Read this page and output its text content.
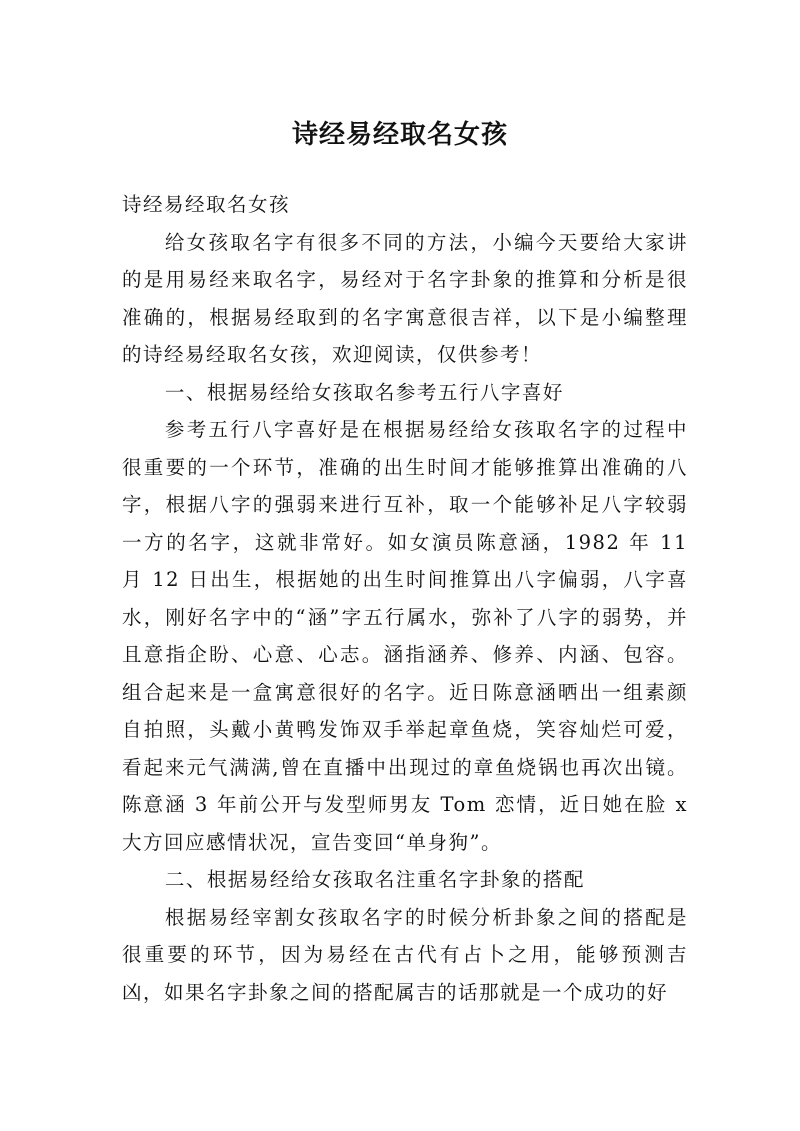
诗经易经取名女孩

诗经易经取名女孩

给女孩取名字有很多不同的方法，小编今天要给大家讲的是用易经来取名字，易经对于名字卦象的推算和分析是很准确的，根据易经取到的名字寓意很吉祥，以下是小编整理的诗经易经取名女孩，欢迎阅读，仅供参考！

一、根据易经给女孩取名参考五行八字喜好

参考五行八字喜好是在根据易经给女孩取名字的过程中很重要的一个环节，准确的出生时间才能够推算出准确的八字，根据八字的强弱来进行互补，取一个能够补足八字较弱一方的名字，这就非常好。如女演员陈意涵，1982 年 11 月 12 日出生，根据她的出生时间推算出八字偏弱，八字喜水，刚好名字中的“涵”字五行属水，弥补了八字的弱势，并且意指企盼、心意、心志。涵指涵养、修养、内涵、包容。组合起来是一盒寓意很好的名字。近日陈意涵晒出一组素颜自拍照，头戴小黄鸭发饰双手举起章鱼烧，笑容灿烂可爱，看起来元气满满,曾在直播中出现过的章鱼烧锅也再次出镜。陈意涵 3 年前公开与发型师男友 Tom 恋情，近日她在脸 x 大方回应感情状况，宣告变回“单身狗”。

二、根据易经给女孩取名注重名字卦象的搭配

根据易经宰割女孩取名字的时候分析卦象之间的搭配是很重要的环节，因为易经在古代有占卜之用，能够预测吉凶，如果名字卦象之间的搭配属吉的话那就是一个成功的好
